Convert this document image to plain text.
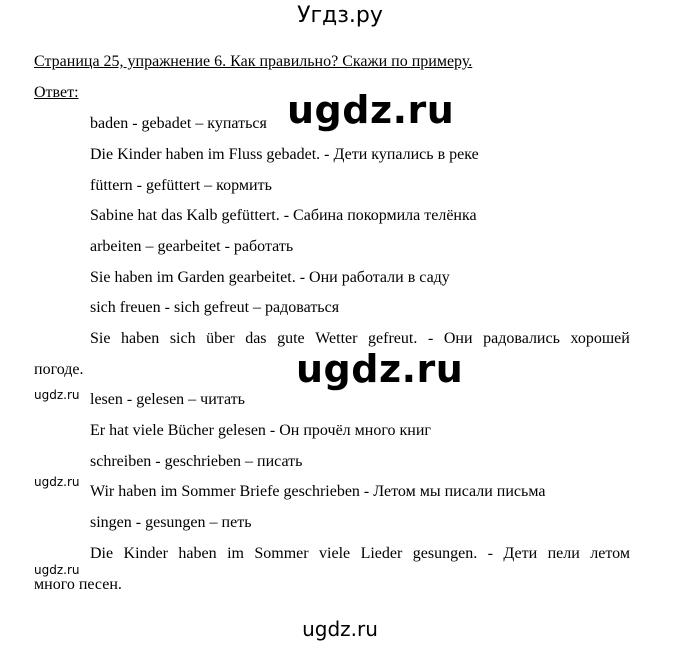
Угдз.ру
Страница 25, упражнение 6. Как правильно? Скажи по примеру.
Ответ:	ugdz.ru
baden - gebadet – купаться
Die Kinder haben im Fluss gebadet. - Дети купались в реке
füttern - gefüttert – кормить
Sabine hat das Kalb gefüttert. - Сабина покормила телёнка
arbeiten – gearbeitet - работать
Sie haben im Garden gearbeitet. - Они работали в саду
sich freuen - sich gefreut – радоваться
Sie haben sich über das gute Wetter gefreut. - Они радовались хорошей
погоде.	ugdz.ru
ugdz.ru lesen - gelesen – читать
Er hat viele Bücher gelesen - Он прочёл много книг
schreiben - geschrieben – писать
ugdz.ru
Wir haben im Sommer Briefe geschrieben - Летом мы писали письма
singen - gesungen – петь
Die Kinder haben im Sommer viele Lieder gesungen. - Дети пели летом
ugdz.ru
много песен.
ugdz.ru
